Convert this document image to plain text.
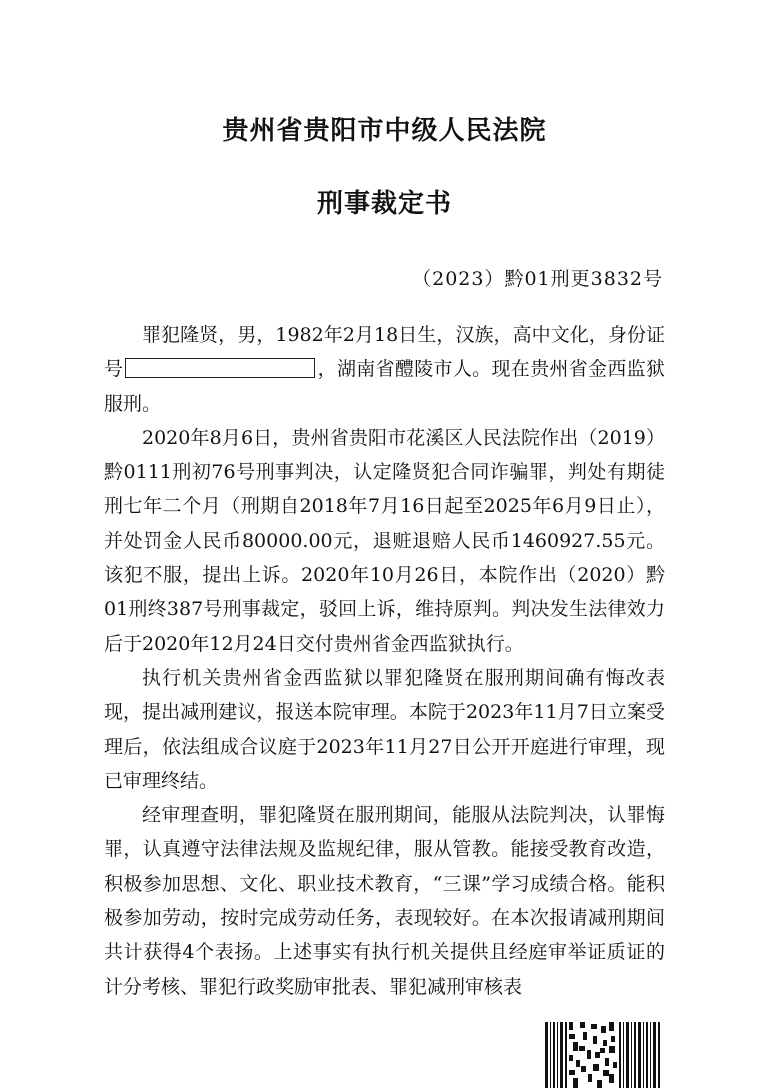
贵州省贵阳市中级人民法院
刑事裁定书
（2023）黔01刑更3832号

罪犯隆贤，男，1982年2月18日生，汉族，高中文化，身份证号	，湖南省醴陵市人。现在贵州省金西监狱服刑。

2020年8月6日，贵州省贵阳市花溪区人民法院作出（2019）黔0111刑初76号刑事判决，认定隆贤犯合同诈骗罪，判处有期徒刑七年二个月（刑期自2018年7月16日起至2025年6月9日止），并处罚金人民币80000.00元，退赃退赔人民币1460927.55元。该犯不服，提出上诉。2020年10月26日，本院作出（2020）黔01刑终387号刑事裁定，驳回上诉，维持原判。判决发生法律效力后于2020年12月24日交付贵州省金西监狱执行。

执行机关贵州省金西监狱以罪犯隆贤在服刑期间确有悔改表现，提出减刑建议，报送本院审理。本院于2023年11月7日立案受理后，依法组成合议庭于2023年11月27日公开开庭进行审理，现已审理终结。

经审理查明，罪犯隆贤在服刑期间，能服从法院判决，认罪悔罪，认真遵守法律法规及监规纪律，服从管教。能接受教育改造，积极参加思想、文化、职业技术教育，“三课”学习成绩合格。能积极参加劳动，按时完成劳动任务，表现较好。在本次报请减刑期间共计获得4个表扬。上述事实有执行机关提供且经庭审举证质证的计分考核、罪犯行政奖励审批表、罪犯减刑审核表
